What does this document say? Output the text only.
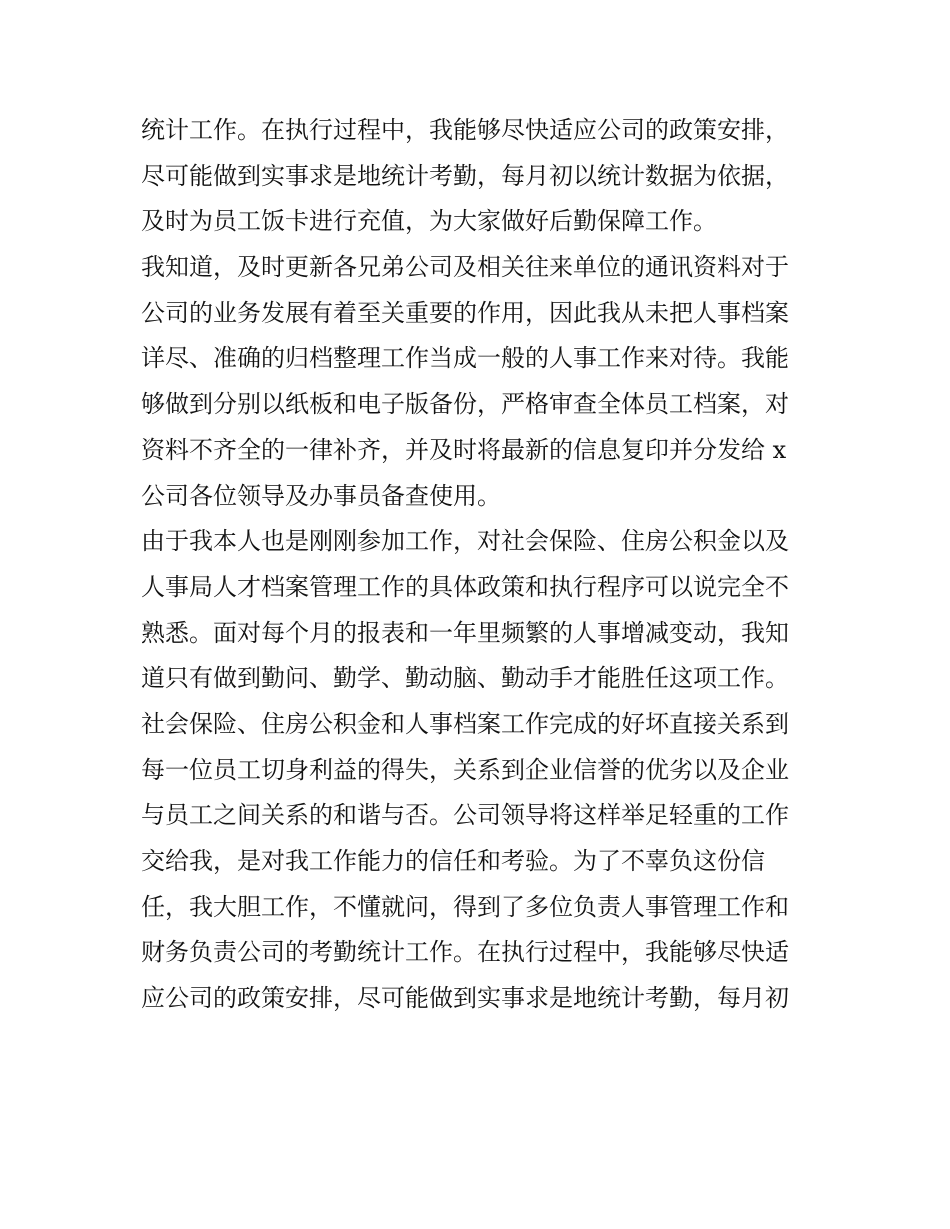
统计工作。在执行过程中，我能够尽快适应公司的政策安排，
尽可能做到实事求是地统计考勤，每月初以统计数据为依据，
及时为员工饭卡进行充值，为大家做好后勤保障工作。
我知道，及时更新各兄弟公司及相关往来单位的通讯资料对于
公司的业务发展有着至关重要的作用，因此我从未把人事档案
详尽、准确的归档整理工作当成一般的人事工作来对待。我能
够做到分别以纸板和电子版备份，严格审查全体员工档案，对
资料不齐全的一律补齐，并及时将最新的信息复印并分发给 x
公司各位领导及办事员备查使用。
由于我本人也是刚刚参加工作，对社会保险、住房公积金以及
人事局人才档案管理工作的具体政策和执行程序可以说完全不
熟悉。面对每个月的报表和一年里频繁的人事增减变动，我知
道只有做到勤问、勤学、勤动脑、勤动手才能胜任这项工作。
社会保险、住房公积金和人事档案工作完成的好坏直接关系到
每一位员工切身利益的得失，关系到企业信誉的优劣以及企业
与员工之间关系的和谐与否。公司领导将这样举足轻重的工作
交给我，是对我工作能力的信任和考验。为了不辜负这份信
任，我大胆工作，不懂就问，得到了多位负责人事管理工作和
财务负责公司的考勤统计工作。在执行过程中，我能够尽快适
应公司的政策安排，尽可能做到实事求是地统计考勤，每月初
